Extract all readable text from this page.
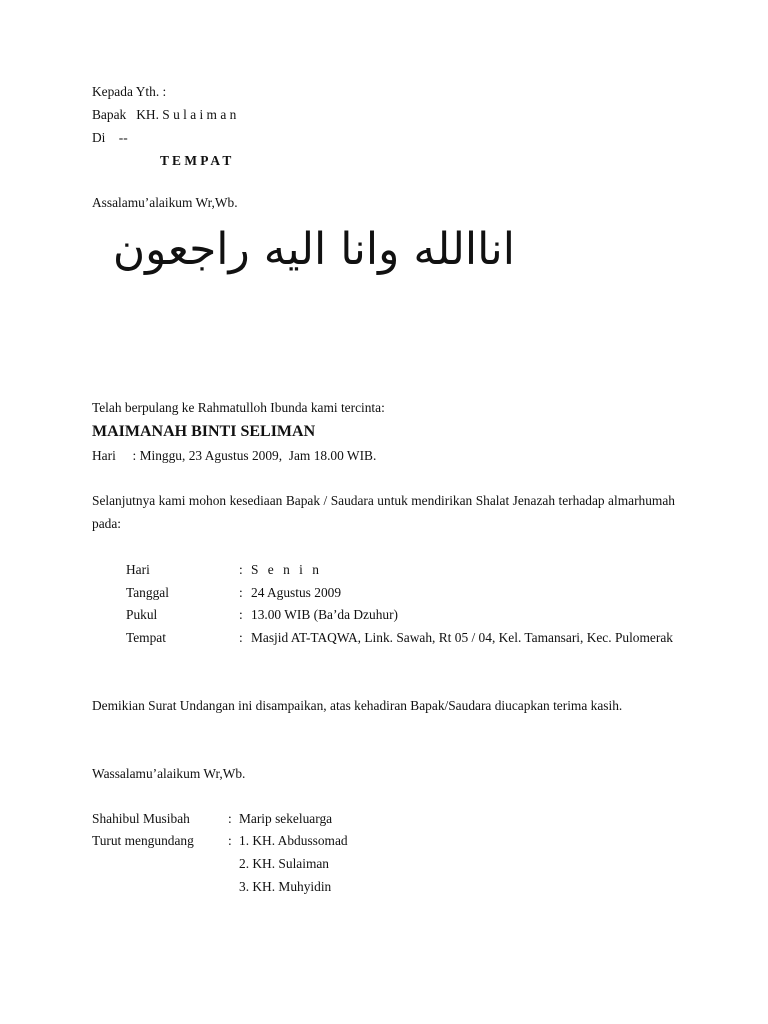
Kepada Yth. :
Bapak   KH. S u l a i m a n
Di    --
T E M P A T
Assalamu’alaikum Wr,Wb.
اناالله وانا اليه راجعون
Telah berpulang ke Rahmatulloh Ibunda kami tercinta:
MAIMANAH BINTI SELIMAN
Hari     : Minggu, 23 Agustus 2009,  Jam 18.00 WIB.
Selanjutnya kami mohon kesediaan Bapak / Saudara untuk mendirikan Shalat Jenazah terhadap almarhumah pada:
Hari	: S e n i n
Tanggal	: 24 Agustus 2009
Pukul	: 13.00 WIB (Ba’da Dzuhur)
Tempat	: Masjid AT-TAQWA, Link. Sawah, Rt 05 / 04, Kel. Tamansari, Kec. Pulomerak
Demikian Surat Undangan ini disampaikan, atas kehadiran Bapak/Saudara diucapkan terima kasih.
Wassalamu’alaikum Wr,Wb.
Shahibul Musibah	: Marip sekeluarga
Turut mengundang	: 1. KH. Abdussomad
2. KH. Sulaiman
3. KH. Muhyidin
